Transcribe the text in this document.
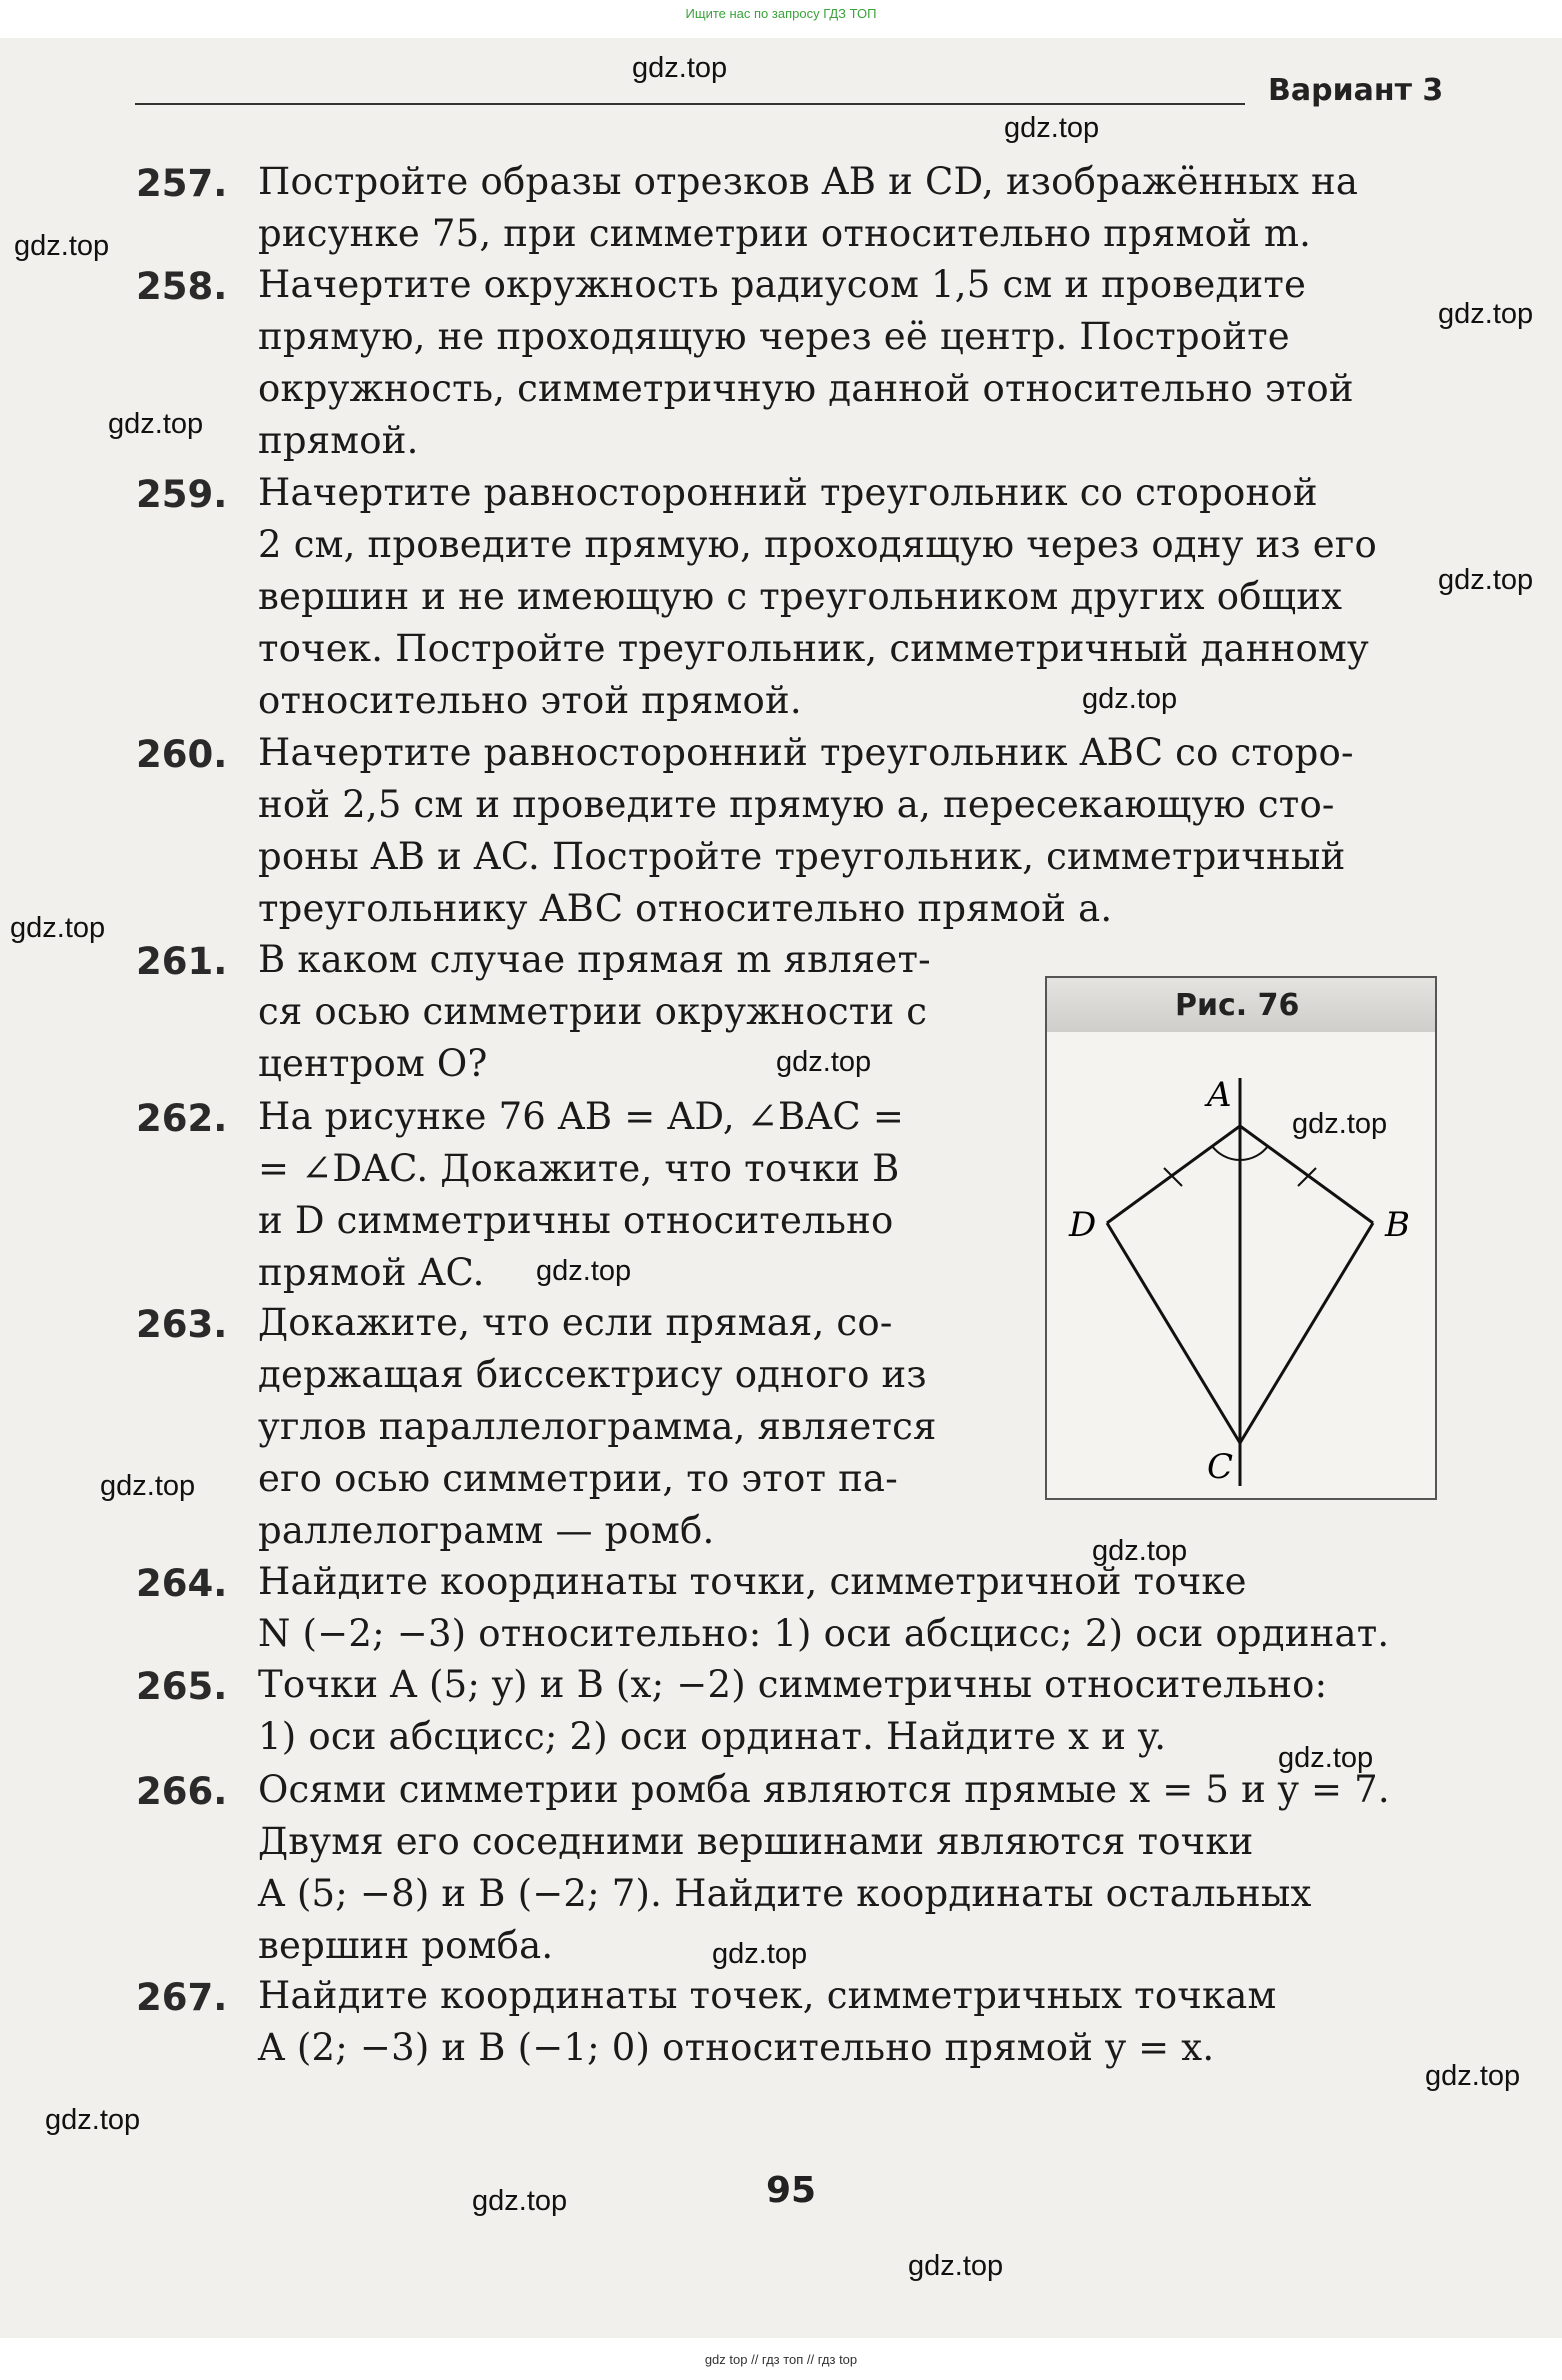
Ищите нас по запросу ГДЗ ТОП
Вариант 3
257. Постройте образы отрезков AB и CD, изображённых на
рисунке 75, при симметрии относительно прямой m.
258. Начертите окружность радиусом 1,5 см и проведите
прямую, не проходящую через её центр. Постройте
окружность, симметричную данной относительно этой
прямой.
259. Начертите равносторонний треугольник со стороной
2 см, проведите прямую, проходящую через одну из его
вершин и не имеющую с треугольником других общих
точек. Постройте треугольник, симметричный данному
относительно этой прямой.
260. Начертите равносторонний треугольник ABC со сторо-
ной 2,5 см и проведите прямую a, пересекающую сто-
роны AB и AC. Постройте треугольник, симметричный
треугольнику ABC относительно прямой a.
261. В каком случае прямая m являет-
ся осью симметрии окружности с
центром O?
262. На рисунке 76 AB = AD, ∠BAC =
= ∠DAC. Докажите, что точки B
и D симметричны относительно
прямой AC.
263. Докажите, что если прямая, со-
держащая биссектрису одного из
углов параллелограмма, является
его осью симметрии, то этот па-
раллелограмм — ромб.
264. Найдите координаты точки, симметричной точке
N (−2; −3) относительно: 1) оси абсцисс; 2) оси ординат.
265. Точки A (5; y) и B (x; −2) симметричны относительно:
1) оси абсцисс; 2) оси ординат. Найдите x и y.
266. Осями симметрии ромба являются прямые x = 5 и y = 7.
Двумя его соседними вершинами являются точки
A (5; −8) и B (−2; 7). Найдите координаты остальных
вершин ромба.
267. Найдите координаты точек, симметричных точкам
A (2; −3) и B (−1; 0) относительно прямой y = x.
Рис. 76
A
B
C
D
95
gdz.top
gdz.top
gdz.top
gdz.top
gdz.top
gdz.top
gdz.top
gdz.top
gdz.top
gdz.top
gdz.top
gdz.top
gdz.top
gdz.top
gdz.top
gdz.top
gdz.top
gdz.top
gdz.top
gdz top // гдз топ // гдз top
